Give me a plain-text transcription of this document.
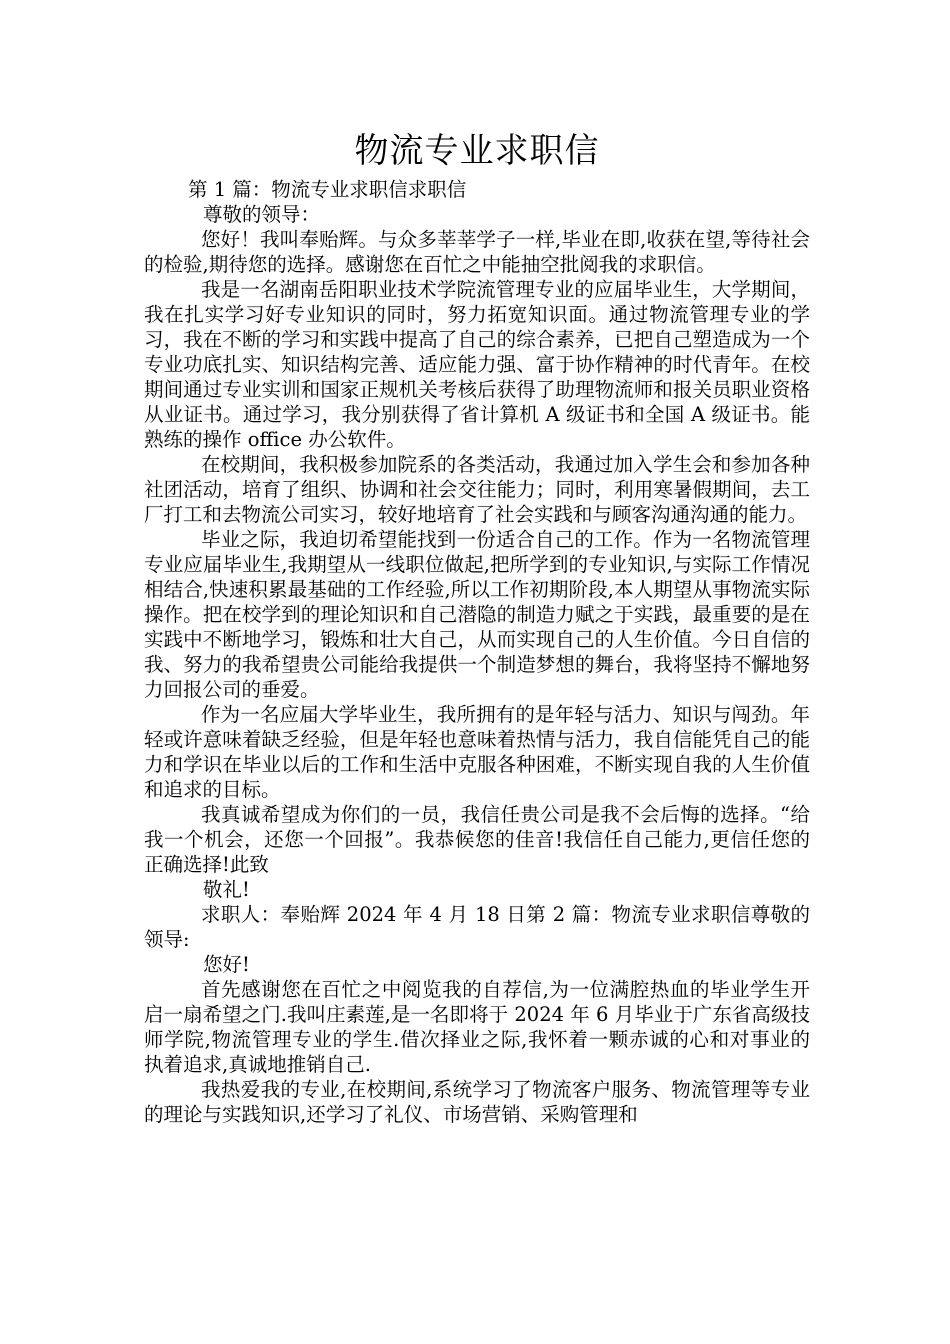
物流专业求职信
第 1 篇：物流专业求职信求职信

尊敬的领导：

您好！我叫奉贻辉。与众多莘莘学子一样,毕业在即,收获在望,等待社会的检验,期待您的选择。感谢您在百忙之中能抽空批阅我的求职信。

我是一名湖南岳阳职业技术学院流管理专业的应届毕业生，大学期间，我在扎实学习好专业知识的同时，努力拓宽知识面。通过物流管理专业的学习，我在不断的学习和实践中提高了自己的综合素养，已把自己塑造成为一个专业功底扎实、知识结构完善、适应能力强、富于协作精神的时代青年。在校期间通过专业实训和国家正规机关考核后获得了助理物流师和报关员职业资格从业证书。通过学习，我分别获得了省计算机 A 级证书和全国 A 级证书。能熟练的操作 office 办公软件。

在校期间，我积极参加院系的各类活动，我通过加入学生会和参加各种社团活动，培育了组织、协调和社会交往能力；同时，利用寒暑假期间，去工厂打工和去物流公司实习，较好地培育了社会实践和与顾客沟通沟通的能力。

毕业之际，我迫切希望能找到一份适合自己的工作。作为一名物流管理专业应届毕业生,我期望从一线职位做起,把所学到的专业知识,与实际工作情况相结合,快速积累最基础的工作经验,所以工作初期阶段,本人期望从事物流实际操作。把在校学到的理论知识和自己潜隐的制造力赋之于实践，最重要的是在实践中不断地学习，锻炼和壮大自己，从而实现自己的人生价值。今日自信的我、努力的我希望贵公司能给我提供一个制造梦想的舞台，我将坚持不懈地努力回报公司的垂爱。

作为一名应届大学毕业生，我所拥有的是年轻与活力、知识与闯劲。年轻或许意味着缺乏经验，但是年轻也意味着热情与活力，我自信能凭自己的能力和学识在毕业以后的工作和生活中克服各种困难，不断实现自我的人生价值和追求的目标。

我真诚希望成为你们的一员，我信任贵公司是我不会后悔的选择。“给我一个机会，还您一个回报”。我恭候您的佳音!我信任自己能力,更信任您的正确选择!此致

敬礼!

求职人：奉贻辉 2024 年 4 月 18 日第 2 篇：物流专业求职信尊敬的领导:

您好!

首先感谢您在百忙之中阅览我的自荐信,为一位满腔热血的毕业学生开启一扇希望之门.我叫庄素莲,是一名即将于 2024 年 6 月毕业于广东省高级技师学院,物流管理专业的学生.借次择业之际,我怀着一颗赤诚的心和对事业的 执着追求,真诚地推销自己.

我热爱我的专业,在校期间,系统学习了物流客户服务、物流管理等专业的理论与实践知识,还学习了礼仪、市场营销、采购管理和
